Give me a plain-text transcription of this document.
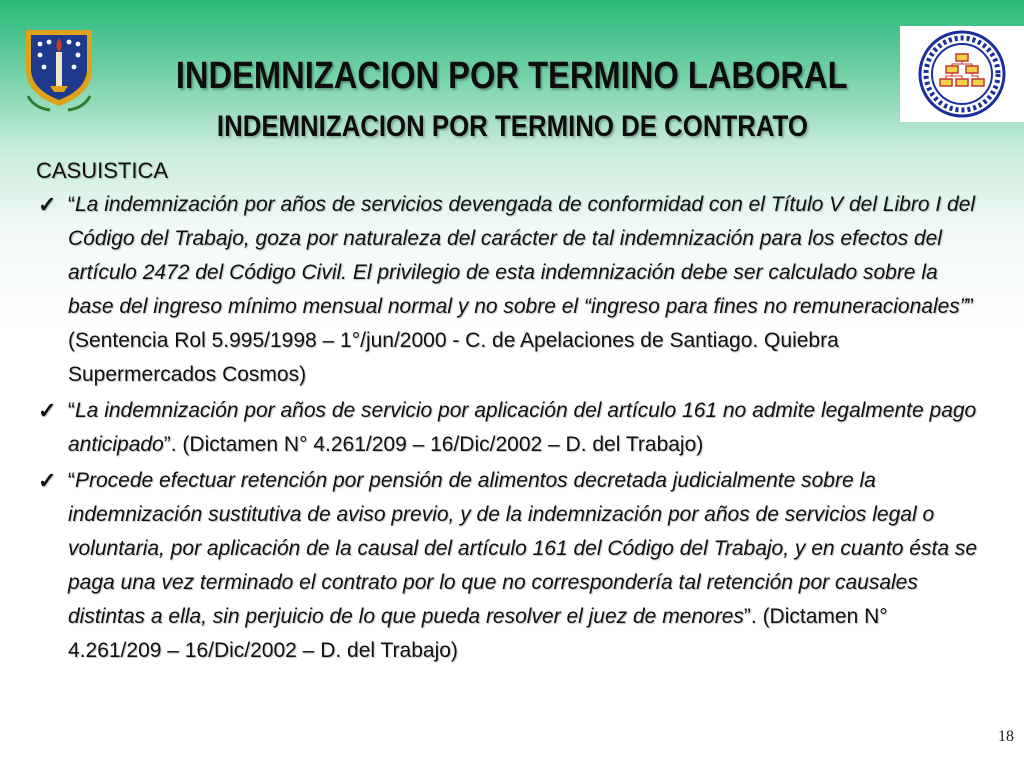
INDEMNIZACION POR TERMINO LABORAL
INDEMNIZACION POR TERMINO DE CONTRATO
CASUISTICA
✓ “La indemnización por años de servicios devengada de conformidad con el Título V del Libro I del Código del Trabajo, goza por naturaleza del carácter de tal indemnización para los efectos del artículo 2472 del Código Civil. El privilegio de esta indemnización debe ser calculado sobre la base del ingreso mínimo mensual normal y no sobre el “ingreso para fines no remuneracionales”” (Sentencia Rol 5.995/1998 – 1°/jun/2000 - C. de Apelaciones de Santiago. Quiebra Supermercados Cosmos)
✓ “La indemnización por años de servicio por aplicación del artículo 161 no admite legalmente pago anticipado”. (Dictamen N° 4.261/209 – 16/Dic/2002 – D. del Trabajo)
✓ “Procede efectuar retención por pensión de alimentos decretada judicialmente sobre la indemnización sustitutiva de aviso previo, y de la indemnización por años de servicios legal o voluntaria, por aplicación de la causal del artículo 161 del Código del Trabajo, y en cuanto ésta se paga una vez terminado el contrato por lo que no correspondería tal retención por causales distintas a ella, sin perjuicio de lo que pueda resolver el juez de menores”. (Dictamen N° 4.261/209 – 16/Dic/2002 – D. del Trabajo)
18
